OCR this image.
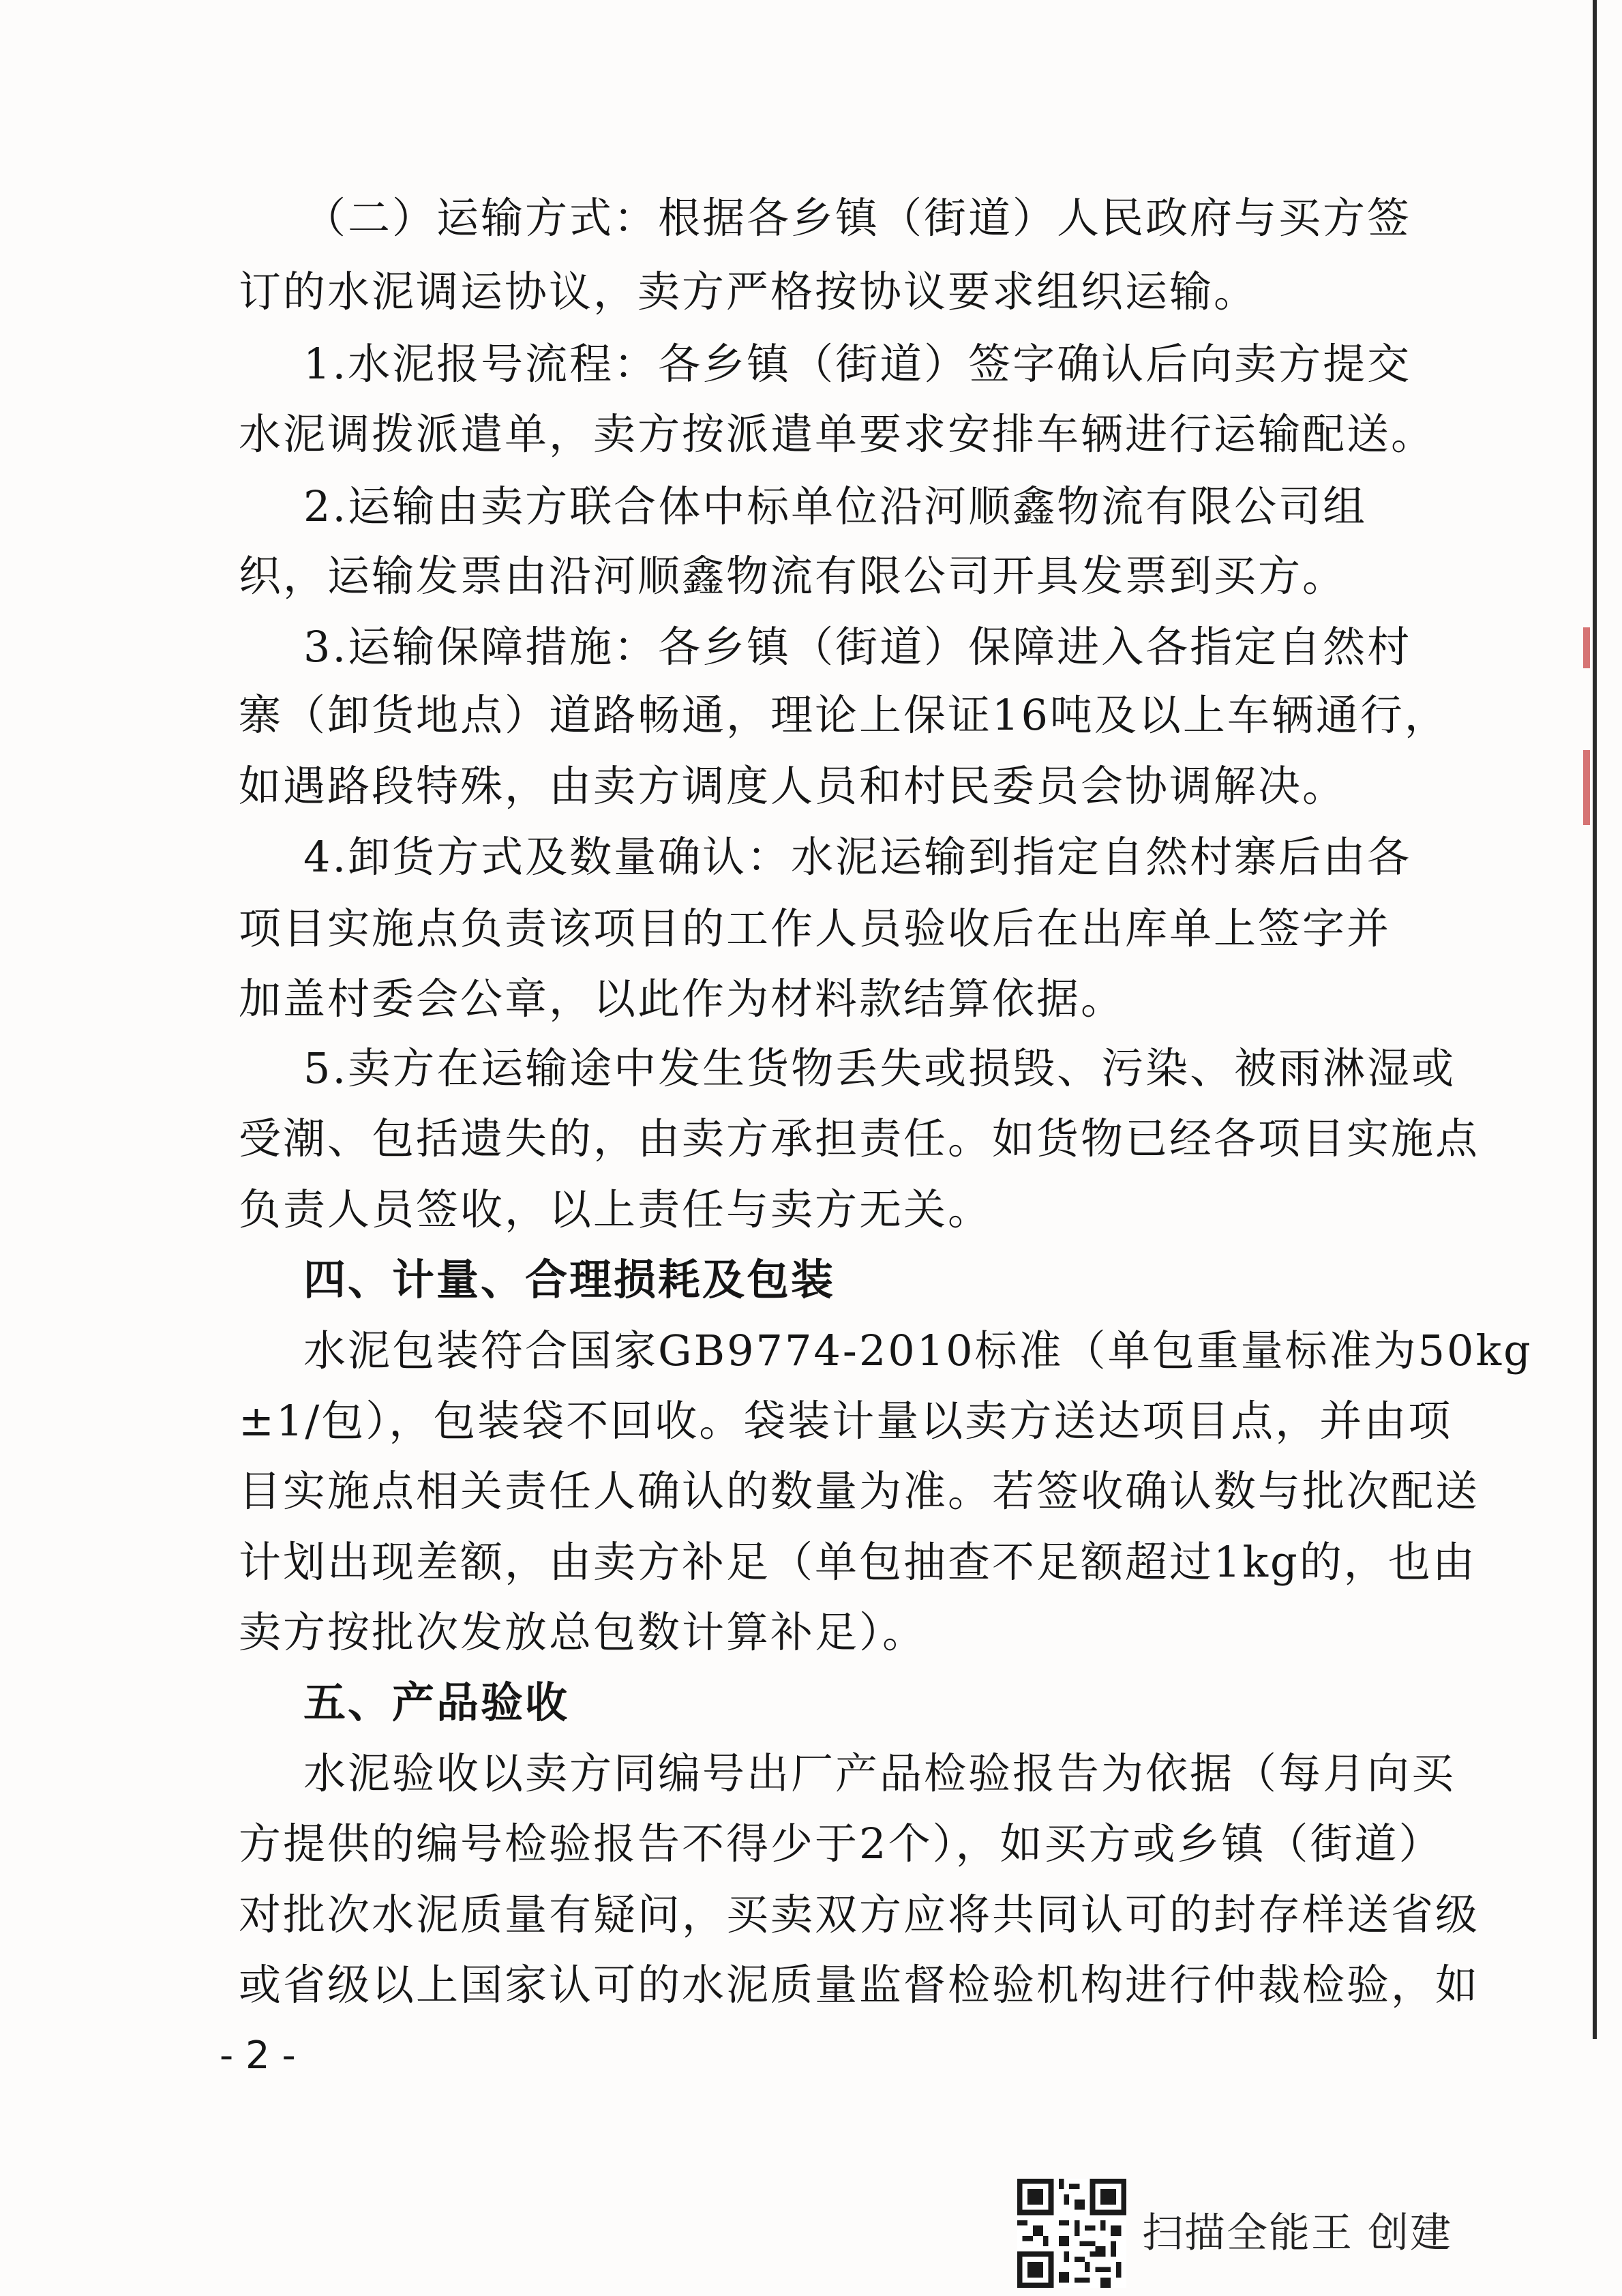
（二）运输方式：根据各乡镇（街道）人民政府与买方签
订的水泥调运协议，卖方严格按协议要求组织运输。
1.水泥报号流程：各乡镇（街道）签字确认后向卖方提交
水泥调拨派遣单，卖方按派遣单要求安排车辆进行运输配送。
2.运输由卖方联合体中标单位沿河顺鑫物流有限公司组
织，运输发票由沿河顺鑫物流有限公司开具发票到买方。
3.运输保障措施：各乡镇（街道）保障进入各指定自然村
寨（卸货地点）道路畅通，理论上保证16吨及以上车辆通行，
如遇路段特殊，由卖方调度人员和村民委员会协调解决。
4.卸货方式及数量确认：水泥运输到指定自然村寨后由各
项目实施点负责该项目的工作人员验收后在出库单上签字并
加盖村委会公章，以此作为材料款结算依据。
5.卖方在运输途中发生货物丢失或损毁、污染、被雨淋湿或
受潮、包括遗失的，由卖方承担责任。如货物已经各项目实施点
负责人员签收，以上责任与卖方无关。
四、计量、合理损耗及包装
水泥包装符合国家GB9774-2010标准（单包重量标准为50kg
±1/包），包装袋不回收。袋装计量以卖方送达项目点，并由项
目实施点相关责任人确认的数量为准。若签收确认数与批次配送
计划出现差额，由卖方补足（单包抽查不足额超过1kg的，也由
卖方按批次发放总包数计算补足）。
五、产品验收
水泥验收以卖方同编号出厂产品检验报告为依据（每月向买
方提供的编号检验报告不得少于2个），如买方或乡镇（街道）
对批次水泥质量有疑问，买卖双方应将共同认可的封存样送省级
或省级以上国家认可的水泥质量监督检验机构进行仲裁检验，如
- 2 -
扫描全能王 创建
